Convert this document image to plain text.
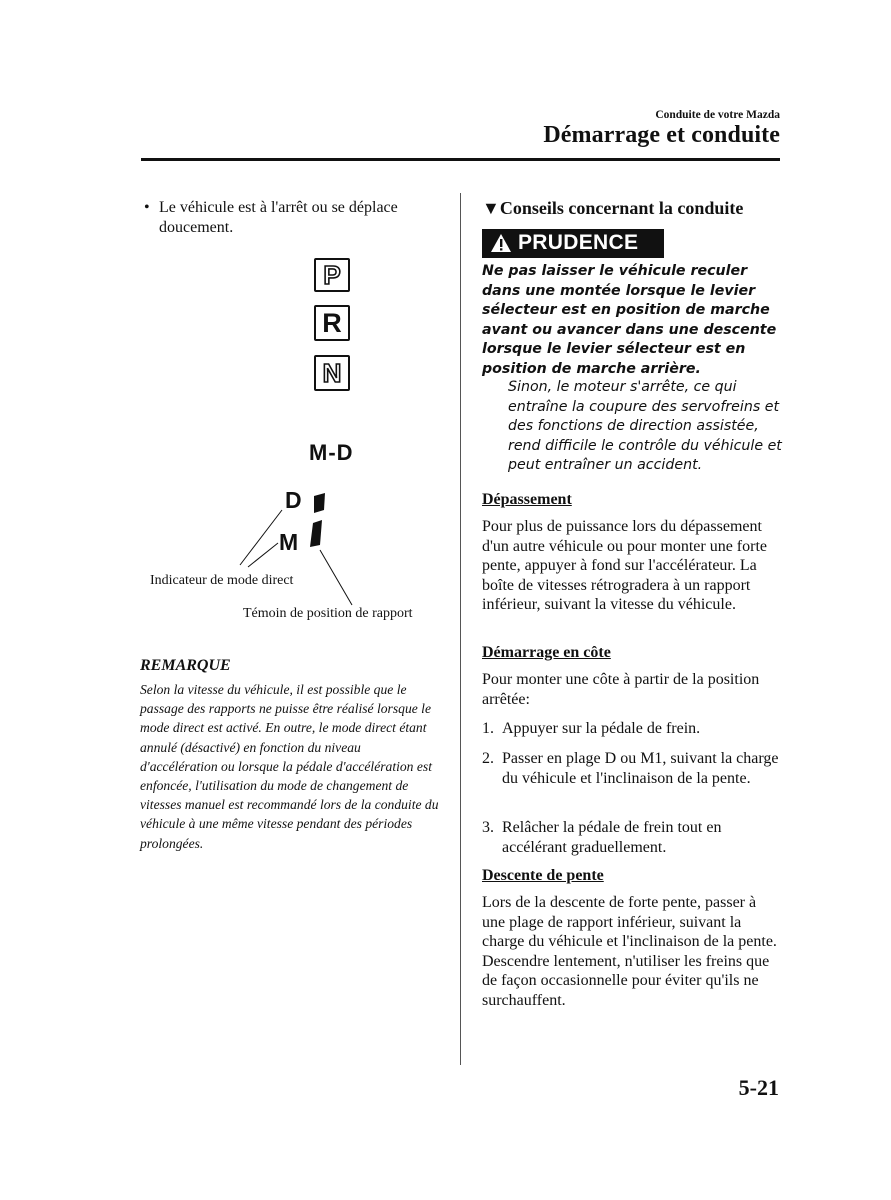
Conduite de votre Mazda
Démarrage et conduite
• Le véhicule est à l'arrêt ou se déplace doucement.
P
R
N
M-D
D
M
Indicateur de mode direct
Témoin de position de rapport
REMARQUE
Selon la vitesse du véhicule, il est possible que le passage des rapports ne puisse être réalisé lorsque le mode direct est activé. En outre, le mode direct étant annulé (désactivé) en fonction du niveau d'accélération ou lorsque la pédale d'accélération est enfoncée, l'utilisation du mode de changement de vitesses manuel est recommandé lors de la conduite du véhicule à une même vitesse pendant des périodes prolongées.
▼Conseils concernant la conduite
PRUDENCE
Ne pas laisser le véhicule reculer dans une montée lorsque le levier sélecteur est en position de marche avant ou avancer dans une descente lorsque le levier sélecteur est en position de marche arrière.
Sinon, le moteur s'arrête, ce qui entraîne la coupure des servofreins et des fonctions de direction assistée, rend difficile le contrôle du véhicule et peut entraîner un accident.
Dépassement
Pour plus de puissance lors du dépassement d'un autre véhicule ou pour monter une forte pente, appuyer à fond sur l'accélérateur. La boîte de vitesses rétrogradera à un rapport inférieur, suivant la vitesse du véhicule.
Démarrage en côte
Pour monter une côte à partir de la position arrêtée:
1. Appuyer sur la pédale de frein.
2. Passer en plage D ou M1, suivant la charge du véhicule et l'inclinaison de la pente.
3. Relâcher la pédale de frein tout en accélérant graduellement.
Descente de pente
Lors de la descente de forte pente, passer à une plage de rapport inférieur, suivant la charge du véhicule et l'inclinaison de la pente. Descendre lentement, n'utiliser les freins que de façon occasionnelle pour éviter qu'ils ne surchauffent.
5-21
